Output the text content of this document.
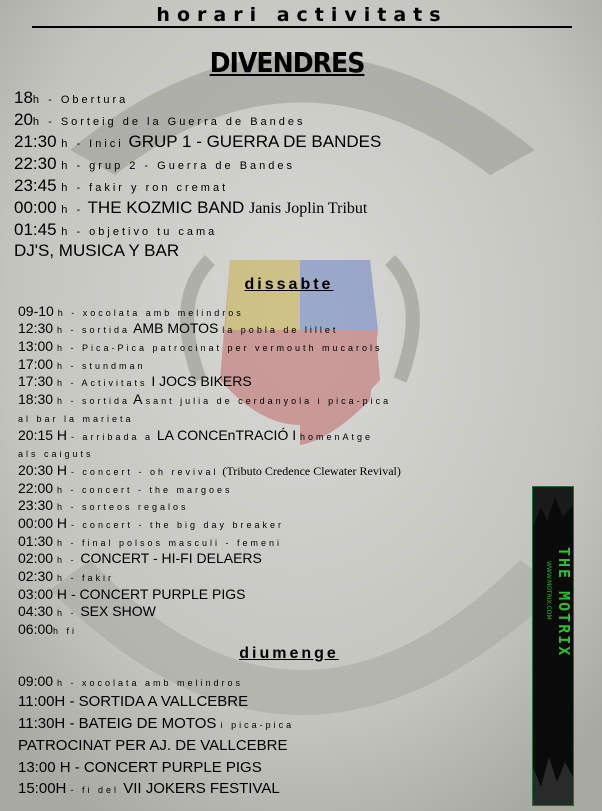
horari activitats
DIVENDRES
18h - Obertura
20h - Sorteig de la Guerra de Bandes
21:30 h - Inici GRUP 1 - GUERRA DE BANDES
22:30 h - grup 2 - Guerra de Bandes
23:45 h - fakir y ron cremat
00:00 h - THE KOZMIC BAND Janis Joplin Tribut
01:45 h - objetivo tu cama
DJ'S, MUSICA Y BAR
dissabte
09-10 h - xocolata amb melindros
12:30 h - sortida AMB MOTOS la pobla de lillet
13:00 h - Pica-Pica patrocinat per vermouth mucarols
17:00 h - stundman
17:30 h - Activitats I JOCS BIKERS
18:30 h - sortida A sant julia de cerdanyola i pica-pica
al bar la marieta
20:15 H - arribada a LA CONCEnTRACIÓ I homenAtge
als caiguts
20:30 H - concert - oh revival (Tributo Credence Clewater Revival)
22:00 h - concert - the margoes
23:30 h - sorteos regalos
00:00 H - concert - the big day breaker
01:30 h - final polsos masculi - femeni
02:00 h - CONCERT - HI-FI DELAERS
02:30 h - fakir
03:00 H - CONCERT PURPLE PIGS
04:30 h - SEX SHOW
06:00h fi
diumenge
09:00 h - xocolata amb melindros
11:00H - SORTIDA A VALLCEBRE
11:30H - BATEIG DE MOTOS i pica-pica
PATROCINAT PER AJ. DE VALLCEBRE
13:00 H - CONCERT PURPLE PIGS
15:00H - fi del VII JOKERS FESTIVAL
THE MOTRIX
WWW.MOTRIX.COM
